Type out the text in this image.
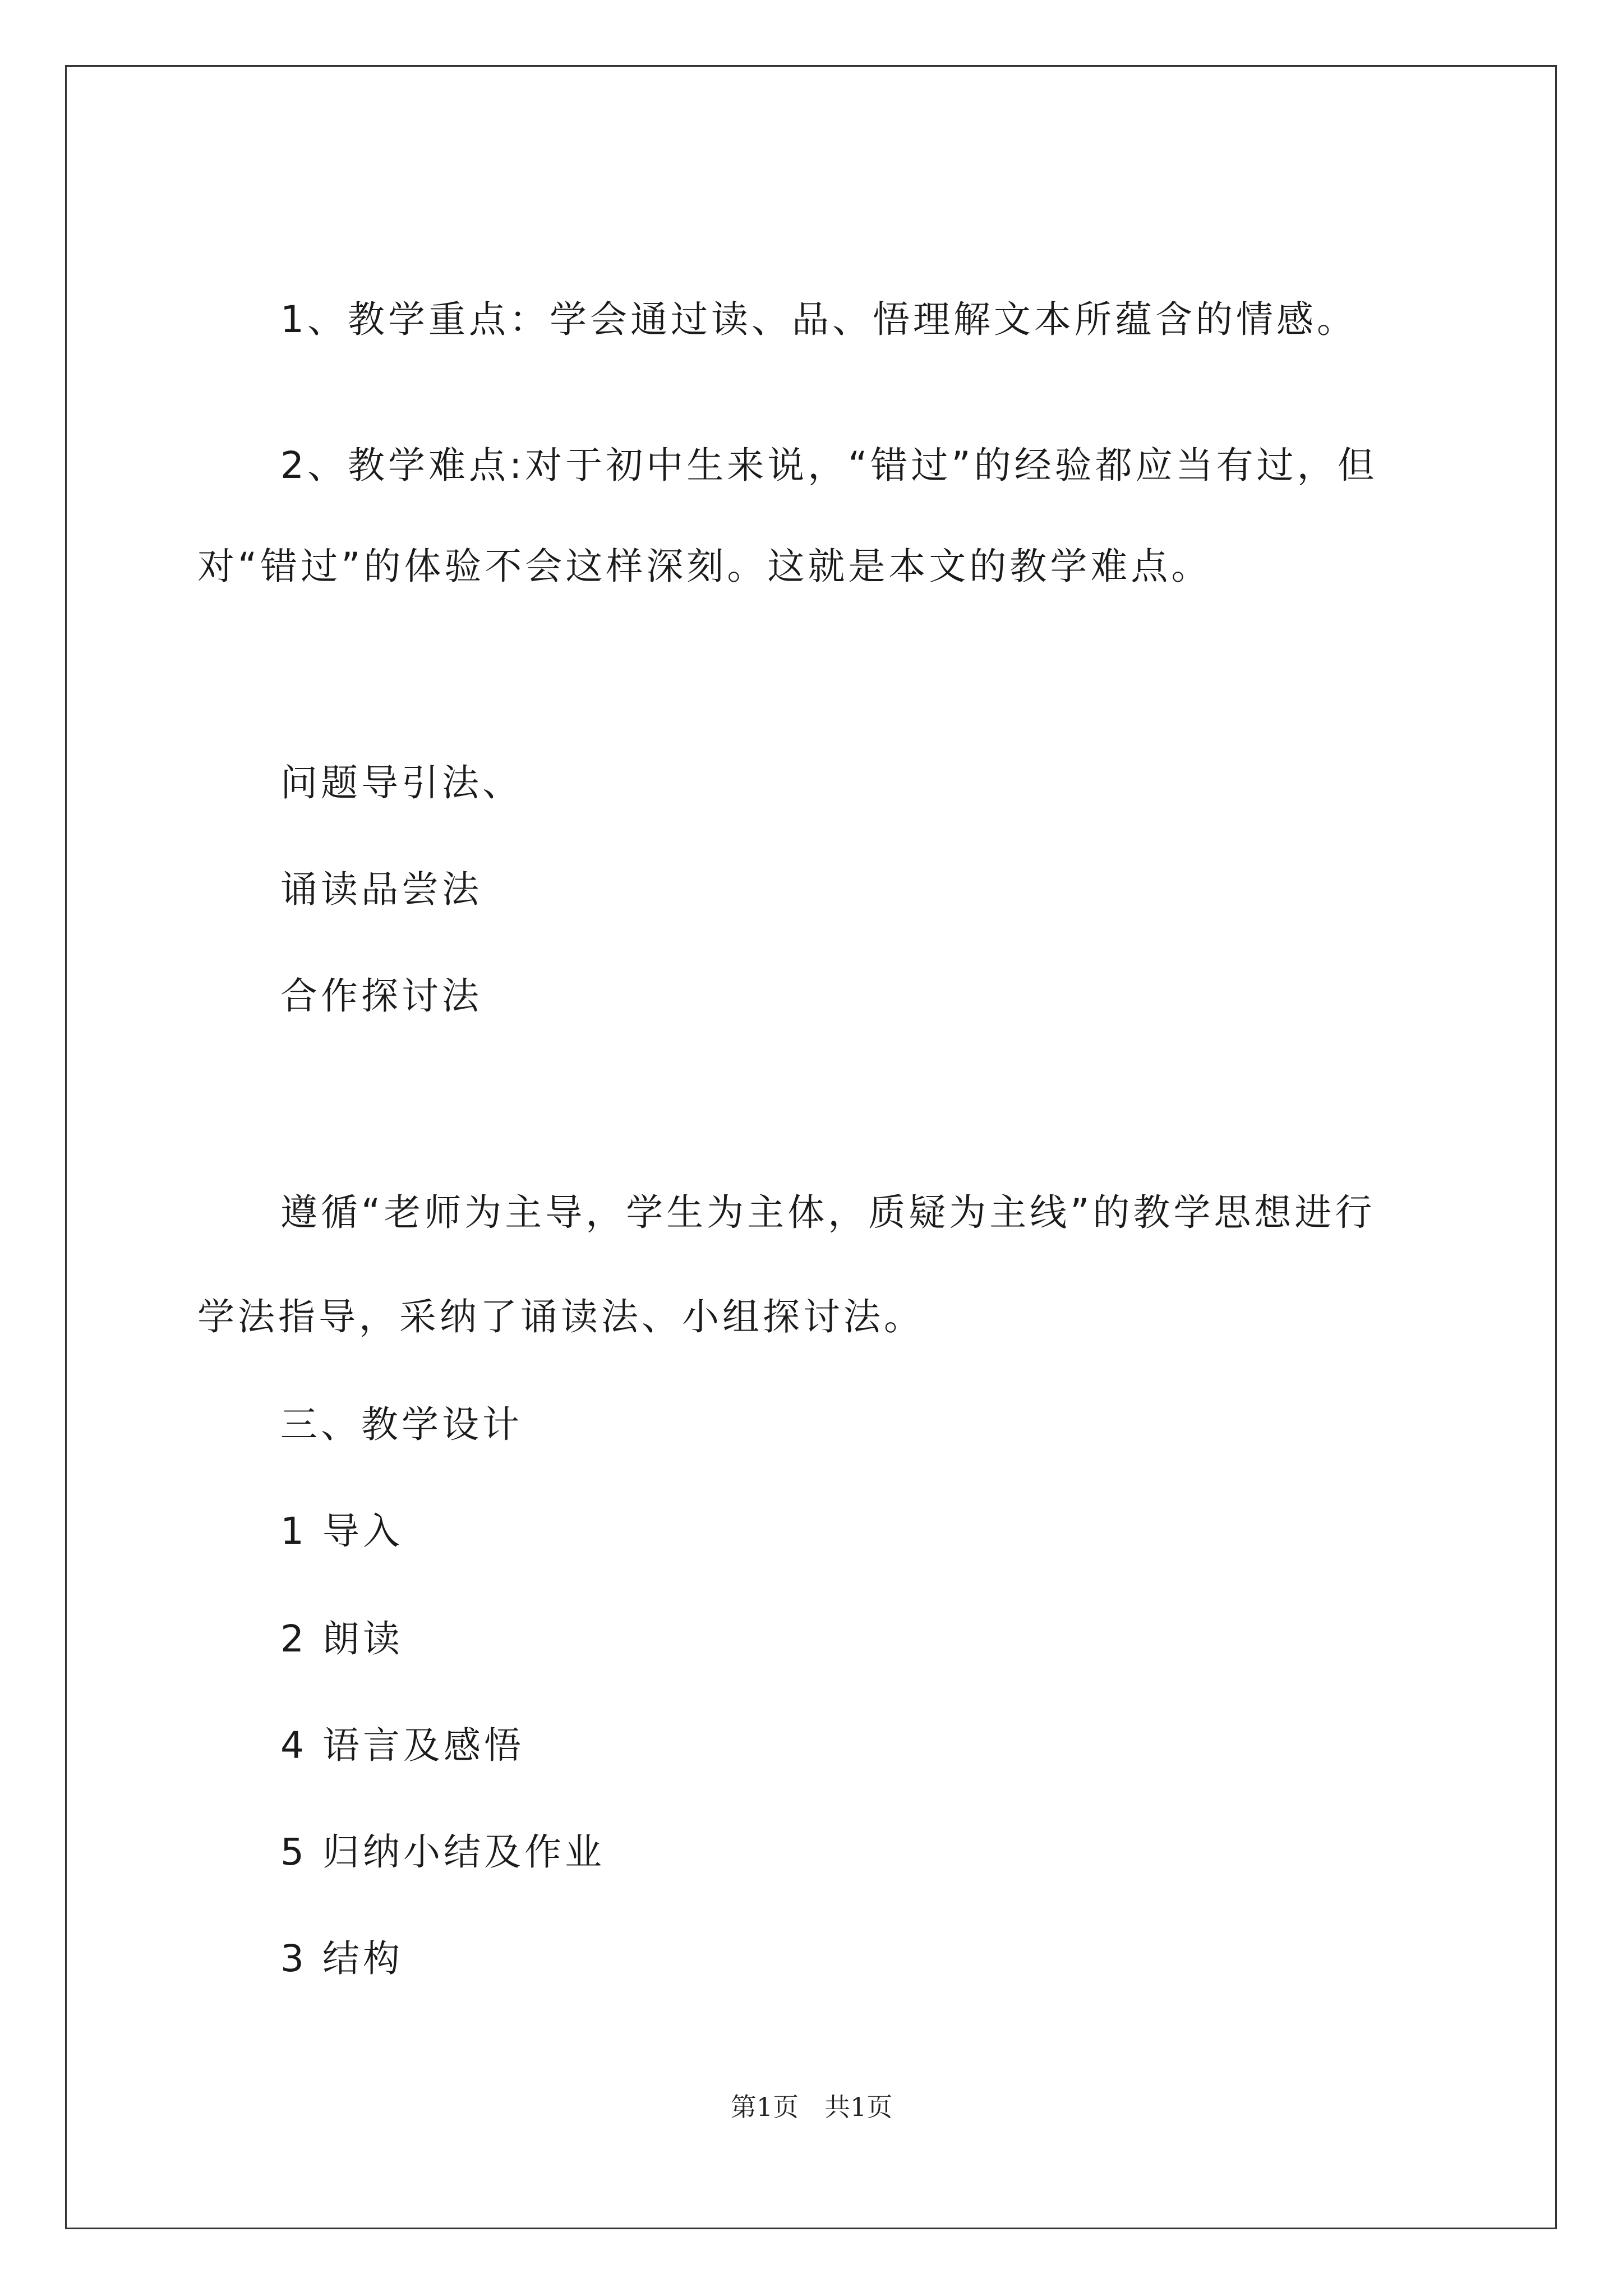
1、教学重点：学会通过读、品、悟理解文本所蕴含的情感。
2、教学难点:对于初中生来说，“错过”的经验都应当有过，但
对“错过”的体验不会这样深刻。这就是本文的教学难点。
问题导引法、
诵读品尝法
合作探讨法
遵循“老师为主导，学生为主体，质疑为主线”的教学思想进行
学法指导，采纳了诵读法、小组探讨法。
三、教学设计
1 导入
2 朗读
4 语言及感悟
5 归纳小结及作业
3 结构
第1页　共1页
